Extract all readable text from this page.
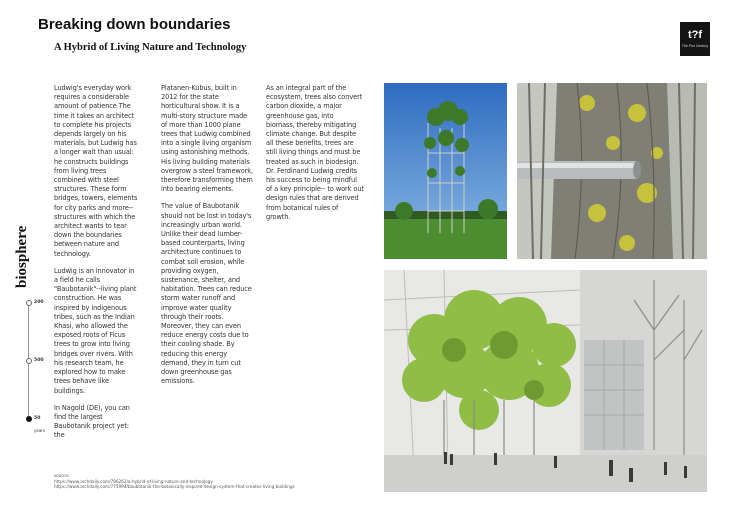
Breaking down boundaries
A Hybrid of Living Nature and Technology
t?f
The Flor Century
biosphere
200
500
50
years

Ludwig's everyday work requires a considerable amount of patience The time it takes an architect to complete his projects depends largely on his materials, but Ludwig has a longer wait than usual: he constructs buildings from living trees combined with steel structures. These form bridges, towers, elements for city parks and more--structures with which the architect wants to tear down the boundaries between nature and technology.

Ludwig is an innovator in a field he calls "Baubotanik"--living plant construction. He was inspired by indigenous tribes, such as the Indian Khasi, who allowed the exposed roots of Ficus trees to grow into living bridges over rivers. With his research team, he explored how to make trees behave like buildings.

In Nagold (DE), you can find the largest Baubotanik project yet: the

Platanen-Kubus, built in 2012 for the state horticultural show. It is a multi-story structure made of more than 1000 plane trees that Ludwig combined into a single living organism using astonishing methods. His living building materials overgrow a steel framework, therefore transforming them into bearing elements.

The value of Baubotanik should not be lost in today's increasingly urban world. Unlike their dead lumber-based counterparts, living architecture continues to combat soil erosion, while providing oxygen, sustenance, shelter, and habitation. Trees can reduce storm water runoff and improve water quality through their roots. Moreover, they can even reduce energy costs due to their cooling shade. By reducing this energy demand, they in turn cut down greenhouse gas emissions.

As an integral part of the ecosystem, trees also convert carbon dioxide, a major greenhouse gas, into biomass, thereby mitigating climate change. But despite all these benefits, trees are still living things and must be treated as such in biodesign. Dr. Ferdinand Ludwig credits his success to being mindful of a key principle-- to work out design rules that are derived from botanical rules of growth.

source:
https://www.archdaily.com/796262/a-hybrid-of-living-nature-and-technology
https://www.archdaily.com/775994/baubotanik-the-botanically-inspired-design-system-that-creates-living-buildings
